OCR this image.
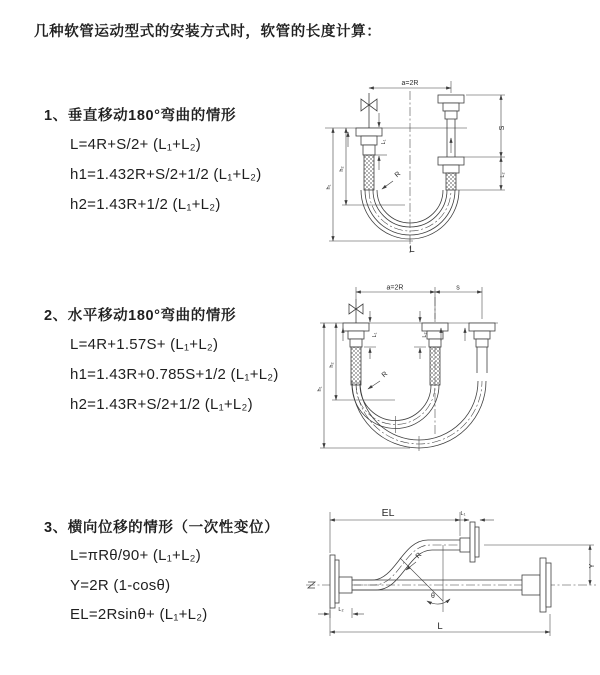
几种软管运动型式的安装方式时，软管的长度计算：
1、垂直移动180°弯曲的情形
L=4R+S/2+ (L₁+L₂)
h1=1.432R+S/2+1/2 (L₁+L₂)
h2=1.43R+1/2 (L₁+L₂)
2、水平移动180°弯曲的情形
L=4R+1.57S+ (L₁+L₂)
h1=1.43R+0.785S+1/2 (L₁+L₂)
h2=1.43R+S/2+1/2 (L₁+L₂)
3、横向位移的情形（一次性变位）
L=πRθ/90+ (L₁+L₂)
Y=2R (1-cosθ)
EL=2Rsinθ+ (L₁+L₂)
a=2R
S
L₂
h₁
h₂
L₁
R
L
a=2R	s
h₁
h₂
L₁	L₂
R
EL	L₁
Y
R
θ
L₂
L
